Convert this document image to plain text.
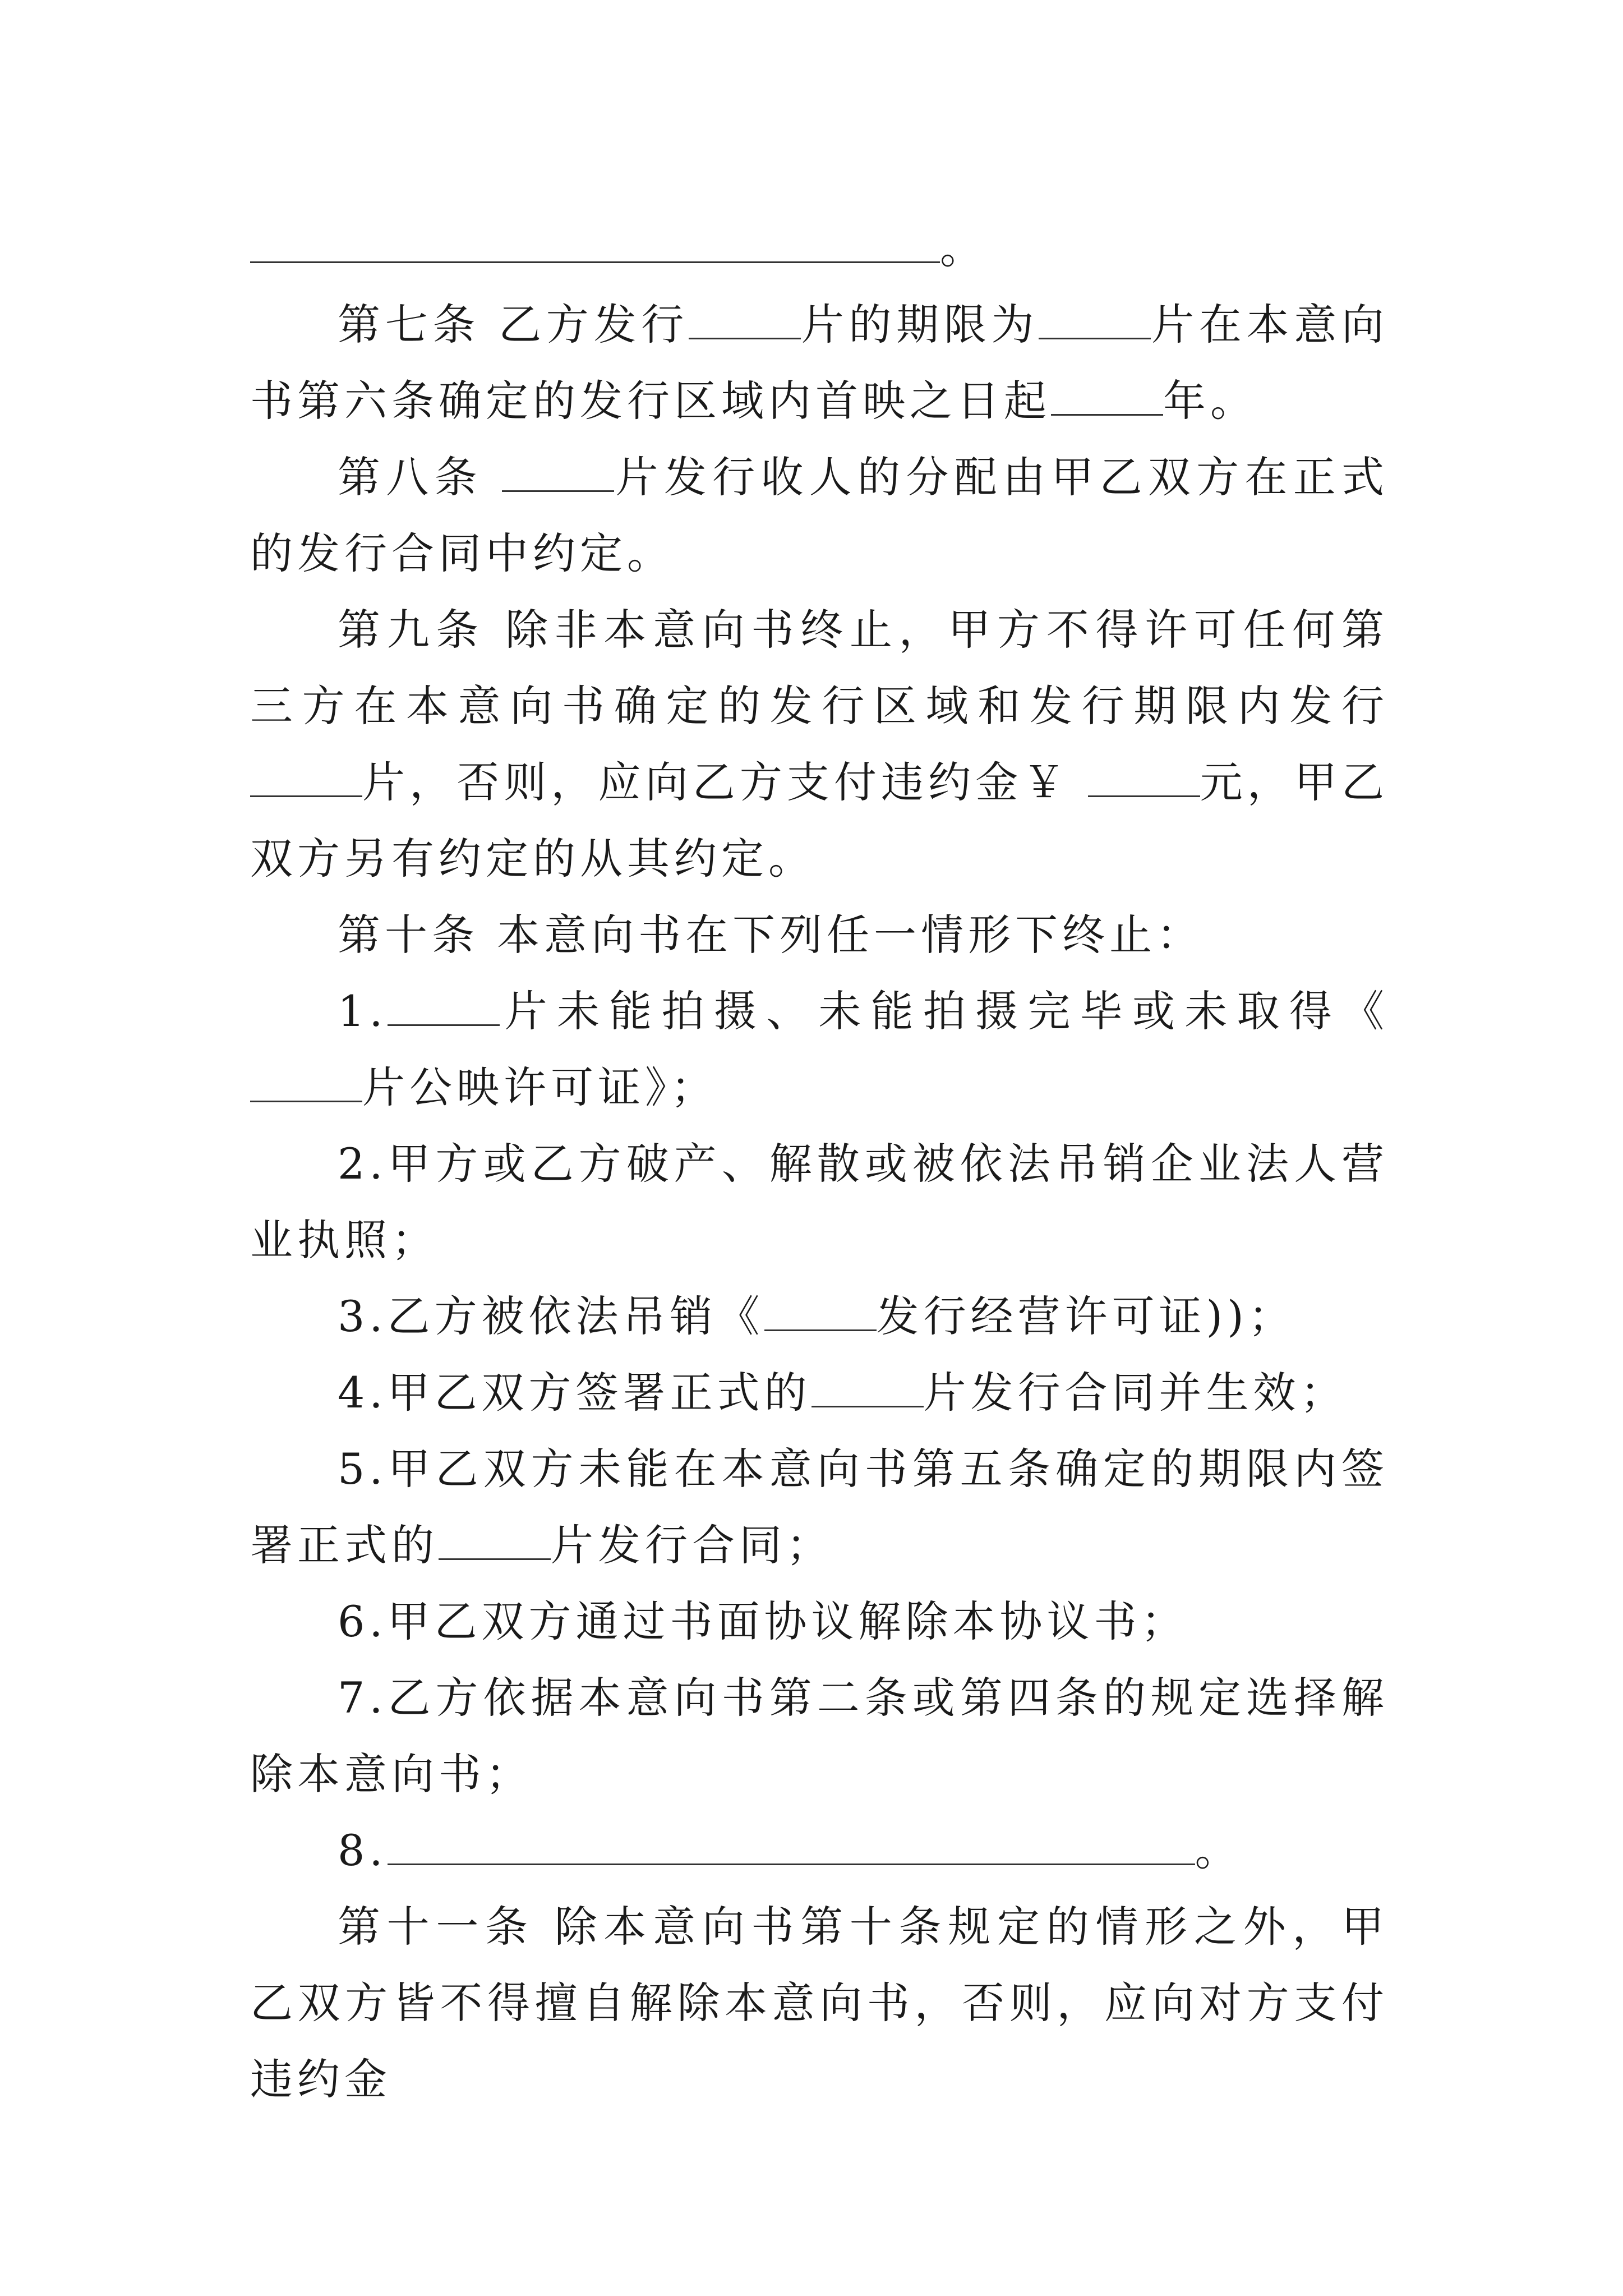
。

第七条 乙方发行	片的期限为	片在本意向书第六条确定的发行区域内首映之日起	年。

第八条	片发行收人的分配由甲乙双方在正式的发行合同中约定。

第九条 除非本意向书终止，甲方不得许可任何第三方在本意向书确定的发行区域和发行期限内发行片，否则，应向乙方支付违约金￥	元，甲乙双方另有约定的从其约定。

第十条 本意向书在下列任一情形下终止：

1.	片未能拍摄、未能拍摄完毕或未取得《片公映许可证》；

2.甲方或乙方破产、解散或被依法吊销企业法人营业执照；

3.乙方被依法吊销《	发行经营许可证))；

4.甲乙双方签署正式的	片发行合同并生效；

5.甲乙双方未能在本意向书第五条确定的期限内签署正式的	片发行合同；

6.甲乙双方通过书面协议解除本协议书；

7.乙方依据本意向书第二条或第四条的规定选择解除本意向书；

8.	。

第十一条 除本意向书第十条规定的情形之外，甲乙双方皆不得擅自解除本意向书，否则，应向对方支付违约金
